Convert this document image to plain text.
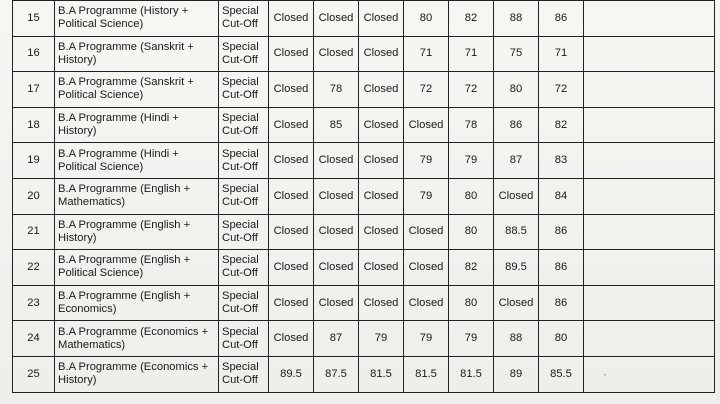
15	B.A Programme (History + Political Science)	Special Cut-Off	Closed	Closed	Closed	80	82	88	86	
16	B.A Programme (Sanskrit + History)	Special Cut-Off	Closed	Closed	Closed	71	71	75	71	
17	B.A Programme (Sanskrit + Political Science)	Special Cut-Off	Closed	78	Closed	72	72	80	72	
18	B.A Programme (Hindi + History)	Special Cut-Off	Closed	85	Closed	Closed	78	86	82	
19	B.A Programme (Hindi + Political Science)	Special Cut-Off	Closed	Closed	Closed	79	79	87	83	
20	B.A Programme (English + Mathematics)	Special Cut-Off	Closed	Closed	Closed	79	80	Closed	84	
21	B.A Programme (English + History)	Special Cut-Off	Closed	Closed	Closed	Closed	80	88.5	86	
22	B.A Programme (English + Political Science)	Special Cut-Off	Closed	Closed	Closed	Closed	82	89.5	86	
23	B.A Programme (English + Economics)	Special Cut-Off	Closed	Closed	Closed	Closed	80	Closed	86	
24	B.A Programme (Economics + Mathematics)	Special Cut-Off	Closed	87	79	79	79	88	80	
25	B.A Programme (Economics + History)	Special Cut-Off	89.5	87.5	81.5	81.5	81.5	89	85.5		ʼ
